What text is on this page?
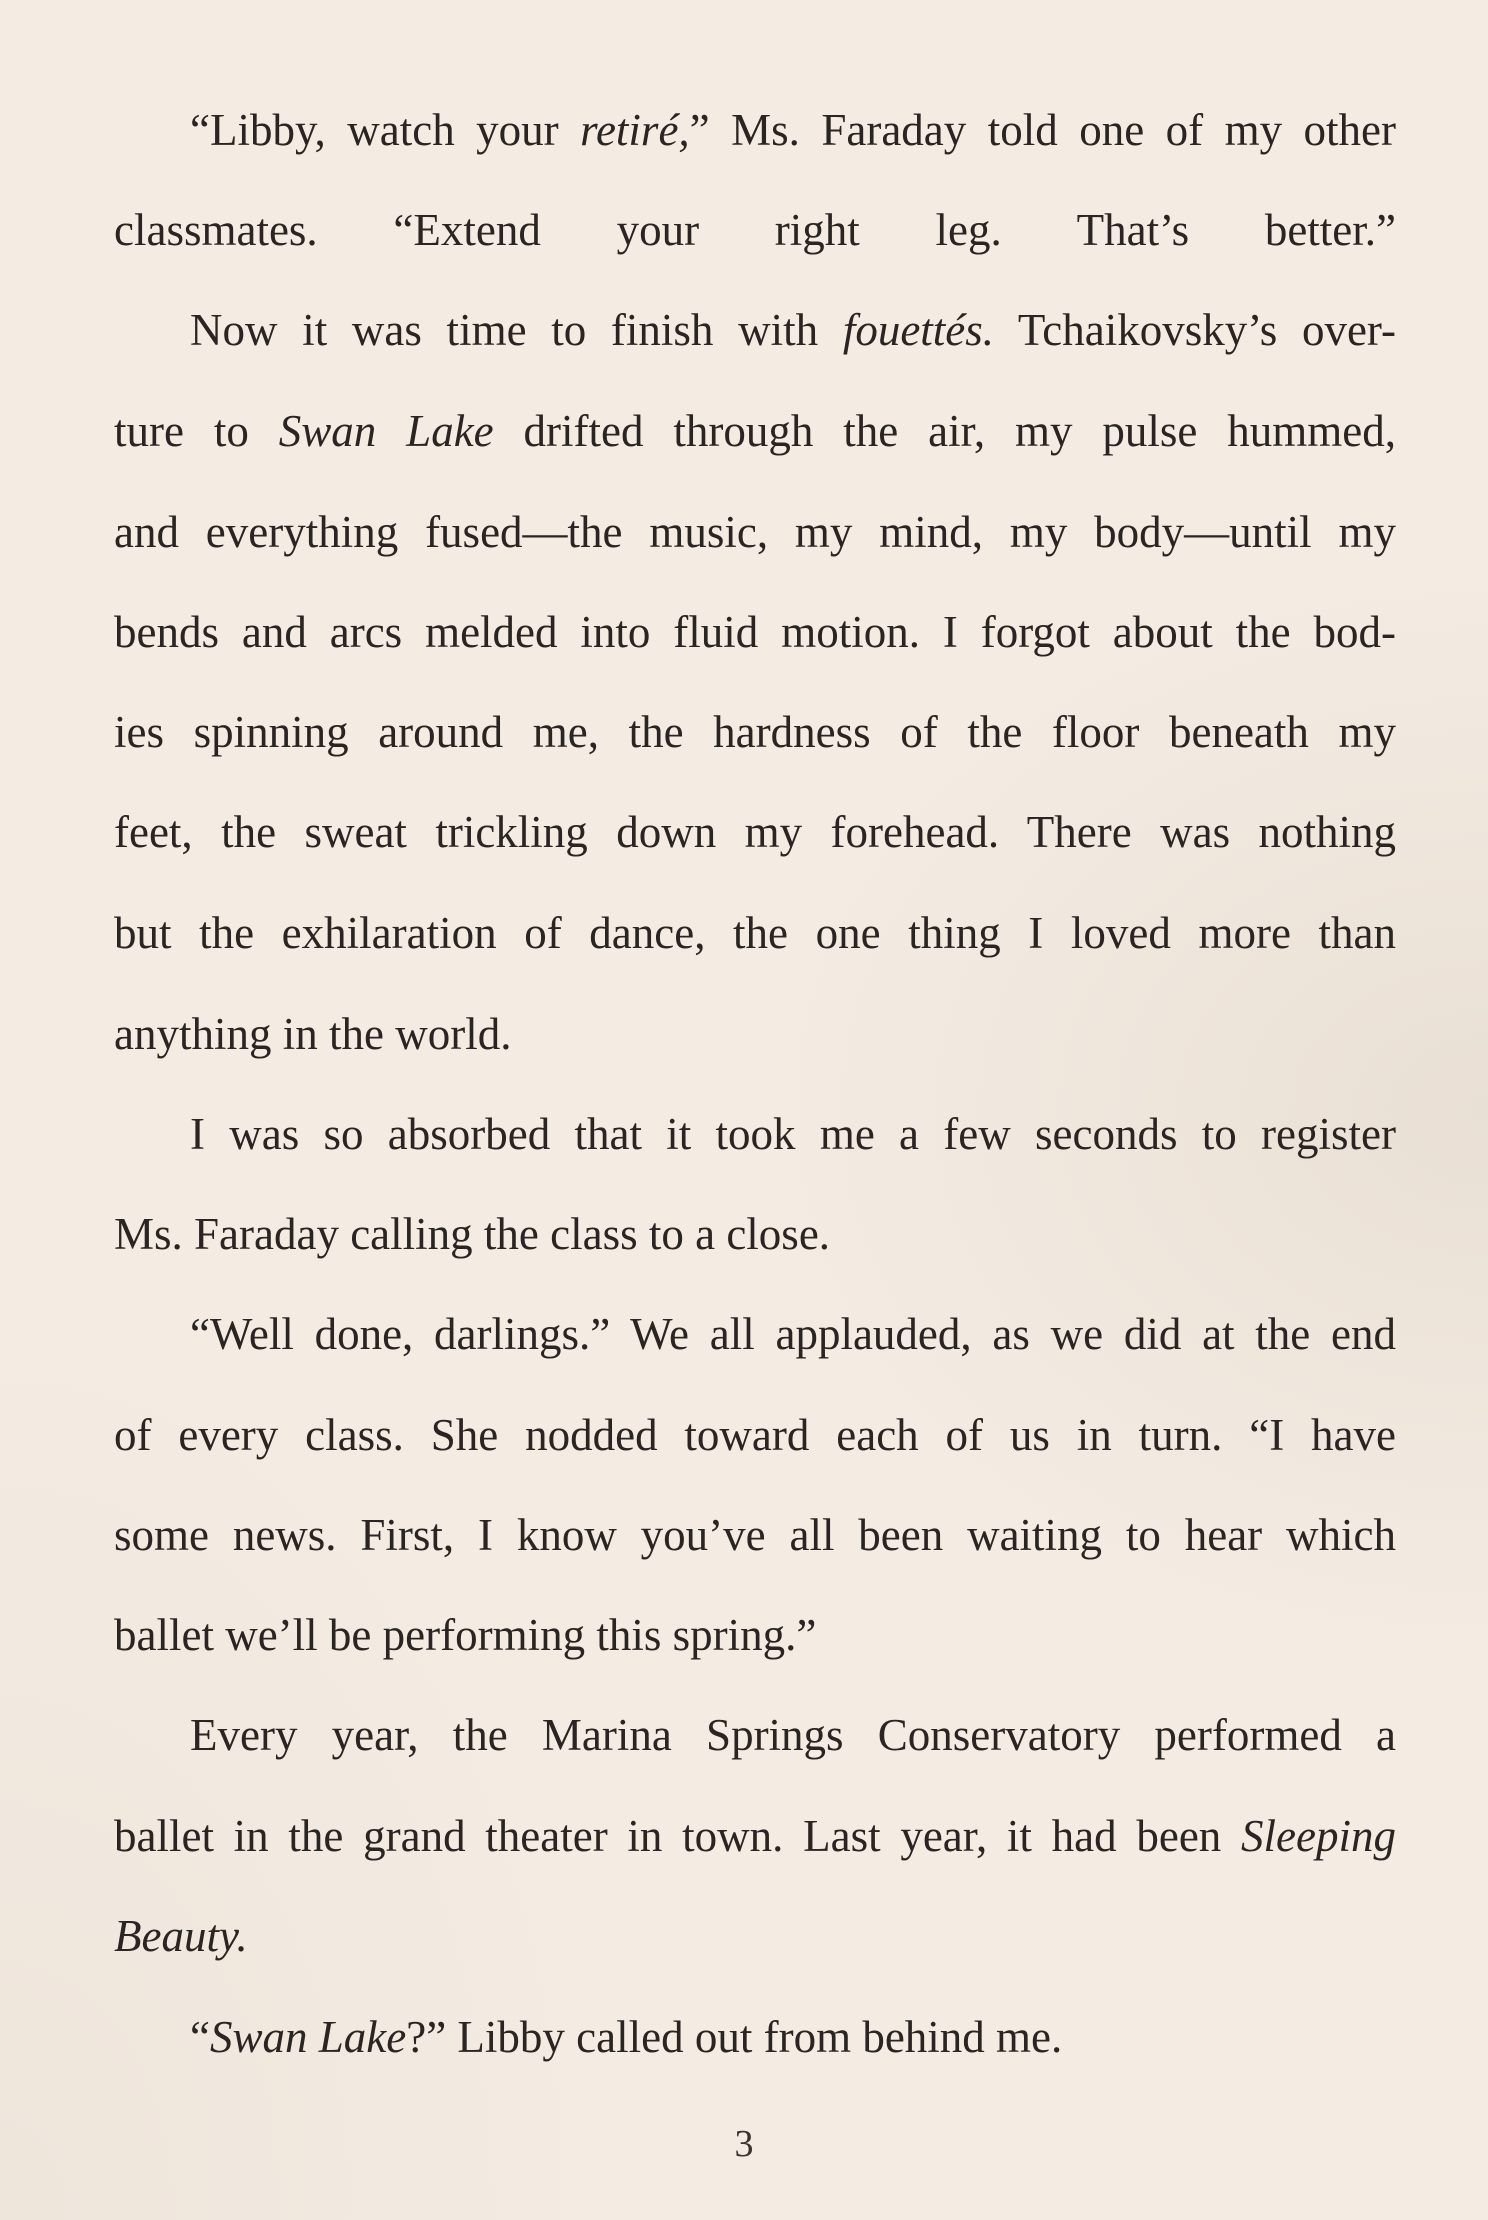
“Libby, watch your retiré,” Ms. Faraday told one of my other
classmates. “Extend your right leg. That’s better.”
Now it was time to finish with fouettés. Tchaikovsky’s over-
ture to Swan Lake drifted through the air, my pulse hummed,
and everything fused—the music, my mind, my body—until my
bends and arcs melded into fluid motion. I forgot about the bod-
ies spinning around me, the hardness of the floor beneath my
feet, the sweat trickling down my forehead. There was nothing
but the exhilaration of dance, the one thing I loved more than
anything in the world.
I was so absorbed that it took me a few seconds to register
Ms. Faraday calling the class to a close.
“Well done, darlings.” We all applauded, as we did at the end
of every class. She nodded toward each of us in turn. “I have
some news. First, I know you’ve all been waiting to hear which
ballet we’ll be performing this spring.”
Every year, the Marina Springs Conservatory performed a
ballet in the grand theater in town. Last year, it had been Sleeping
Beauty.
“Swan Lake?” Libby called out from behind me.
3
